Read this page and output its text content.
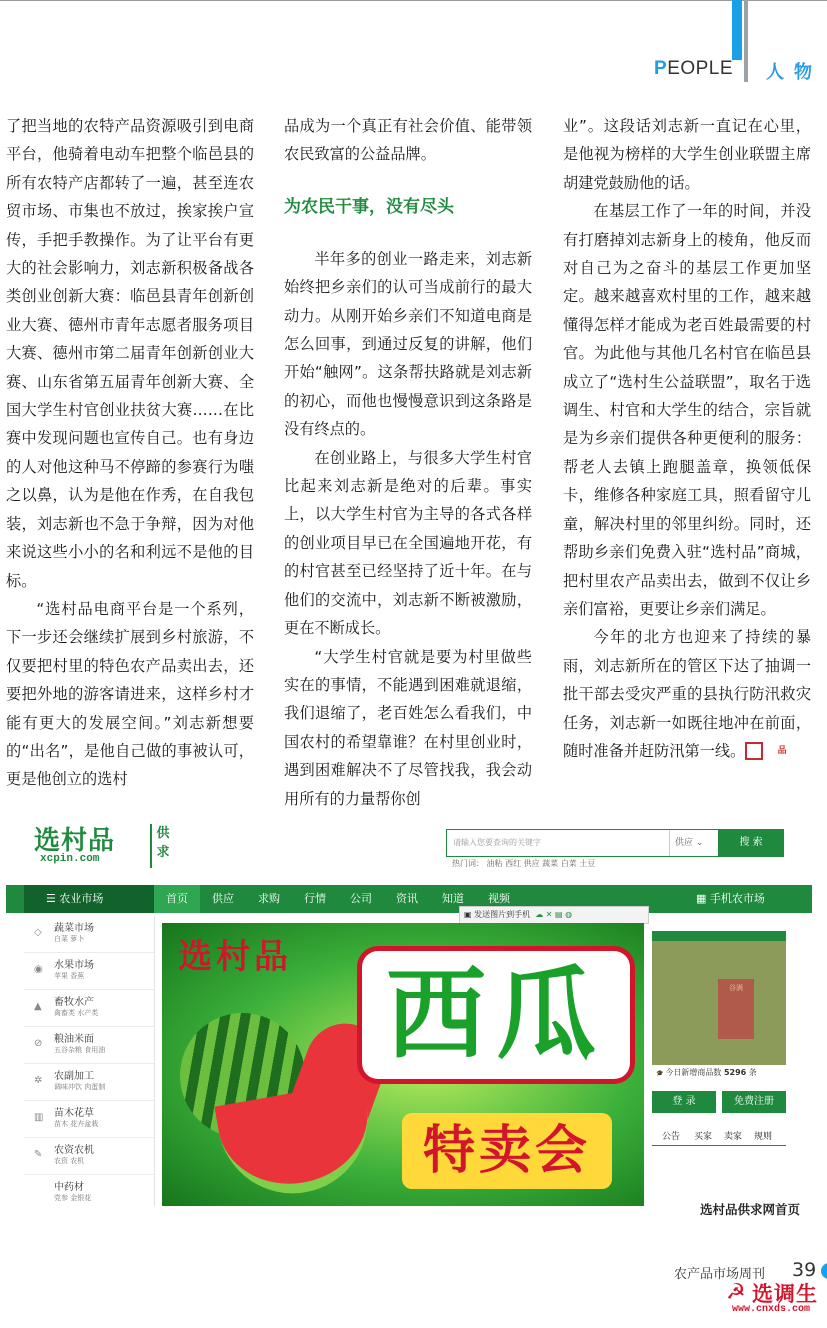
PEOPLE 人物

了把当地的农特产品资源吸引到电商平台，他骑着电动车把整个临邑县的所有农特产店都转了一遍，甚至连农贸市场、市集也不放过，挨家挨户宣传，手把手教操作。为了让平台有更大的社会影响力，刘志新积极备战各类创业创新大赛：临邑县青年创新创业大赛、德州市青年志愿者服务项目大赛、德州市第二届青年创新创业大赛、山东省第五届青年创新大赛、全国大学生村官创业扶贫大赛……在比赛中发现问题也宣传自己。也有身边的人对他这种马不停蹄的参赛行为嗤之以鼻，认为是他在作秀，在自我包装，刘志新也不急于争辩，因为对他来说这些小小的名和利远不是他的目标。

“选村品电商平台是一个系列，下一步还会继续扩展到乡村旅游，不仅要把村里的特色农产品卖出去，还要把外地的游客请进来，这样乡村才能有更大的发展空间。”刘志新想要的“出名”，是他自己做的事被认可，更是他创立的选村

品成为一个真正有社会价值、能带领农民致富的公益品牌。

为农民干事，没有尽头

半年多的创业一路走来，刘志新始终把乡亲们的认可当成前行的最大动力。从刚开始乡亲们不知道电商是怎么回事，到通过反复的讲解，他们开始“触网”。这条帮扶路就是刘志新的初心，而他也慢慢意识到这条路是没有终点的。

在创业路上，与很多大学生村官比起来刘志新是绝对的后辈。事实上，以大学生村官为主导的各式各样的创业项目早已在全国遍地开花，有的村官甚至已经坚持了近十年。在与他们的交流中，刘志新不断被激励，更在不断成长。

“大学生村官就是要为村里做些实在的事情，不能遇到困难就退缩，我们退缩了，老百姓怎么看我们，中国农村的希望靠谁？在村里创业时，遇到困难解决不了尽管找我，我会动用所有的力量帮你创

业”。这段话刘志新一直记在心里，是他视为榜样的大学生创业联盟主席胡建党鼓励他的话。

在基层工作了一年的时间，并没有打磨掉刘志新身上的棱角，他反而对自己为之奋斗的基层工作更加坚定。越来越喜欢村里的工作，越来越懂得怎样才能成为老百姓最需要的村官。为此他与其他几名村官在临邑县成立了“选村生公益联盟”，取名于选调生、村官和大学生的结合，宗旨就是为乡亲们提供各种更便利的服务：帮老人去镇上跑腿盖章，换领低保卡，维修各种家庭工具，照看留守儿童，解决村里的邻里纠纷。同时，还帮助乡亲们免费入驻“选村品”商城，把村里农产品卖出去，做到不仅让乡亲们富裕，更要让乡亲们满足。

今年的北方也迎来了持续的暴雨，刘志新所在的管区下达了抽调一批干部去受灾严重的县执行防汛救灾任务，刘志新一如既往地冲在前面，随时准备并赶防汛第一线。	品

选村品
xcpin.com
供
求
请输入您要查询的关键字	供应 ⌄	搜 索
热门词： 油粘 西红 供应 蔬菜 白菜 土豆
☰ 农业市场	首页	供应	求购	行情	公司	资讯	知道	视频	▦ 手机农市场
▣ 发送图片到手机  ☁ ✕ ▤ ◍
◇ 蔬菜市场
白菜 萝卜
◉ 水果市场
苹果 香蕉
▲ 畜牧水产
禽畜类 水产类
⊘ 粮油米面
五谷杂粮 食用油
✲ 农副加工
调味冲饮 肉蛋制
▥ 苗木花草
苗木 花卉盆栽
✎ 农资农机
农资 农机
中药材
党参 金银花
选村品 西瓜
特卖会
谷满
🎓 今日新增商品数 5296 条
登 录	免费注册
公告 买家 卖家 规则
选村品供求网首页
农产品市场周刊 39
☭ 选调生
www.cnxds.com
